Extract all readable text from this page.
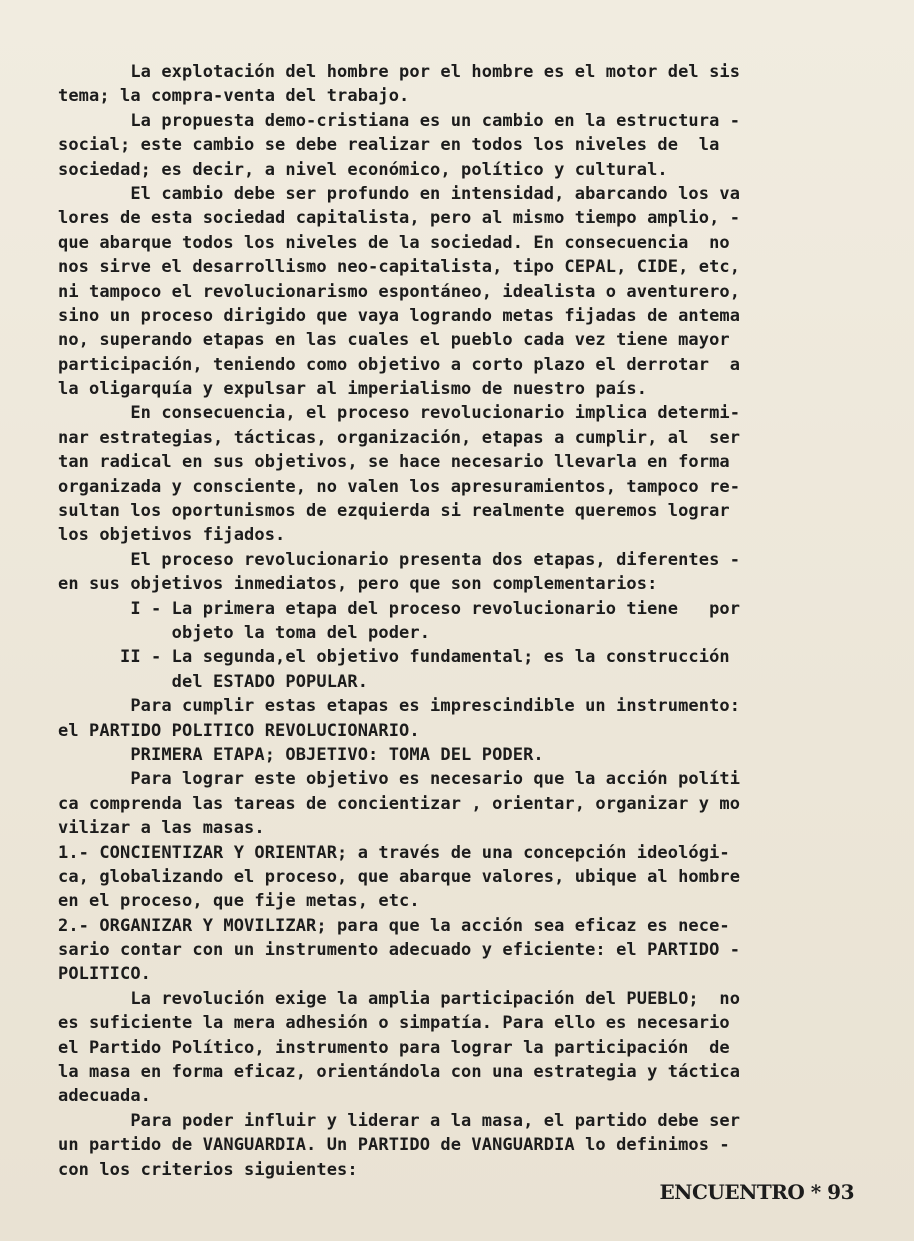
La explotación del hombre por el hombre es el motor del sis
tema; la compra-venta del trabajo.
La propuesta demo-cristiana es un cambio en la estructura -
social; este cambio se debe realizar en todos los niveles de  la
sociedad; es decir, a nivel económico, político y cultural.
El cambio debe ser profundo en intensidad, abarcando los va
lores de esta sociedad capitalista, pero al mismo tiempo amplio, -
que abarque todos los niveles de la sociedad. En consecuencia  no
nos sirve el desarrollismo neo-capitalista, tipo CEPAL, CIDE, etc,
ni tampoco el revolucionarismo espontáneo, idealista o aventurero,
sino un proceso dirigido que vaya logrando metas fijadas de antema
no, superando etapas en las cuales el pueblo cada vez tiene mayor
participación, teniendo como objetivo a corto plazo el derrotar  a
la oligarquía y expulsar al imperialismo de nuestro país.
En consecuencia, el proceso revolucionario implica determi-
nar estrategias, tácticas, organización, etapas a cumplir, al  ser
tan radical en sus objetivos, se hace necesario llevarla en forma
organizada y consciente, no valen los apresuramientos, tampoco re-
sultan los oportunismos de ezquierda si realmente queremos lograr
los objetivos fijados.
El proceso revolucionario presenta dos etapas, diferentes -
en sus objetivos inmediatos, pero que son complementarios:
I - La primera etapa del proceso revolucionario tiene   por
objeto la toma del poder.
II - La segunda,el objetivo fundamental; es la construcción
del ESTADO POPULAR.
Para cumplir estas etapas es imprescindible un instrumento:
el PARTIDO POLITICO REVOLUCIONARIO.
PRIMERA ETAPA; OBJETIVO: TOMA DEL PODER.
Para lograr este objetivo es necesario que la acción políti
ca comprenda las tareas de concientizar , orientar, organizar y mo
vilizar a las masas.
1.- CONCIENTIZAR Y ORIENTAR; a través de una concepción ideológi-
ca, globalizando el proceso, que abarque valores, ubique al hombre
en el proceso, que fije metas, etc.
2.- ORGANIZAR Y MOVILIZAR; para que la acción sea eficaz es nece-
sario contar con un instrumento adecuado y eficiente: el PARTIDO -
POLITICO.
La revolución exige la amplia participación del PUEBLO;  no
es suficiente la mera adhesión o simpatía. Para ello es necesario
el Partido Político, instrumento para lograr la participación  de
la masa en forma eficaz, orientándola con una estrategia y táctica
adecuada.
Para poder influir y liderar a la masa, el partido debe ser
un partido de VANGUARDIA. Un PARTIDO de VANGUARDIA lo definimos -
con los criterios siguientes:
ENCUENTRO * 93
